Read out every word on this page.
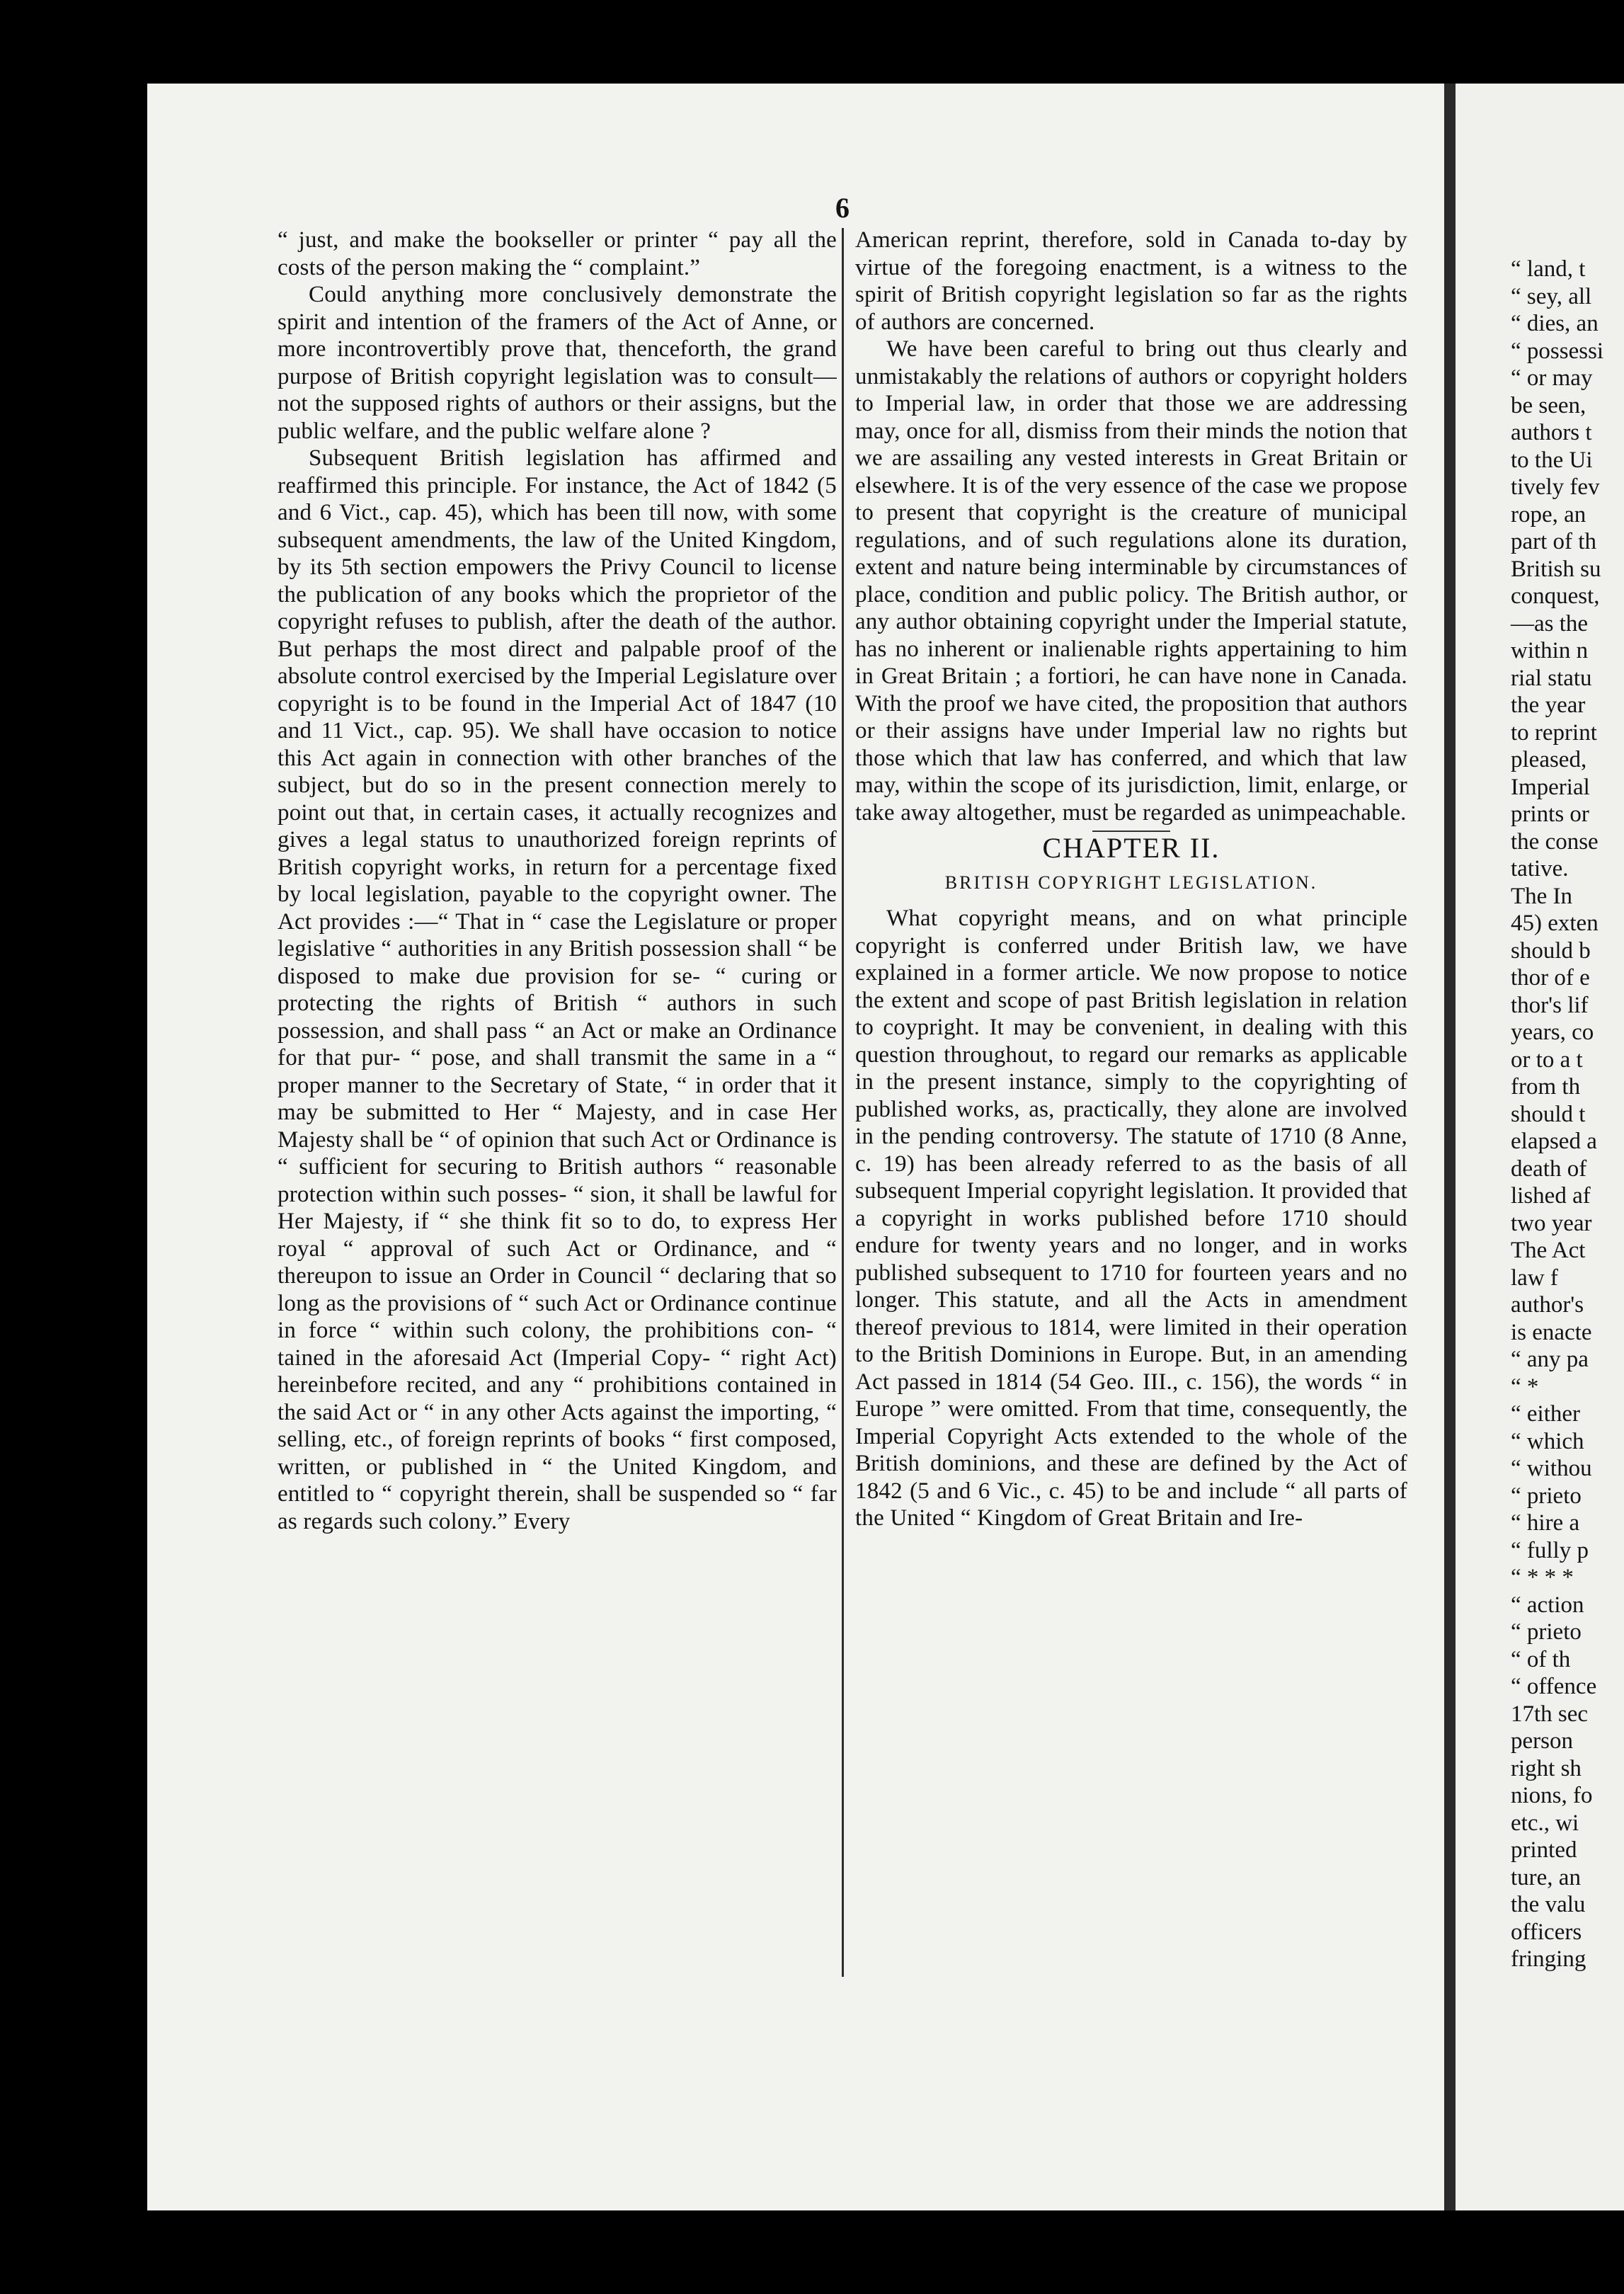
6

“ just, and make the bookseller or printer “ pay all the costs of the person making the “ complaint.”

Could anything more conclusively demonstrate the spirit and intention of the framers of the Act of Anne, or more incontrovertibly prove that, thenceforth, the grand purpose of British copyright legislation was to consult— not the supposed rights of authors or their assigns, but the public welfare, and the public welfare alone ?

Subsequent British legislation has affirmed and reaffirmed this principle. For instance, the Act of 1842 (5 and 6 Vict., cap. 45), which has been till now, with some subsequent amendments, the law of the United Kingdom, by its 5th section empowers the Privy Council to license the publication of any books which the proprietor of the copyright refuses to publish, after the death of the author. But perhaps the most direct and palpable proof of the absolute control exercised by the Imperial Legislature over copyright is to be found in the Imperial Act of 1847 (10 and 11 Vict., cap. 95). We shall have occasion to notice this Act again in connection with other branches of the subject, but do so in the present connection merely to point out that, in certain cases, it actually recognizes and gives a legal status to unauthorized foreign reprints of British copyright works, in return for a percentage fixed by local legislation, payable to the copyright owner. The Act provides :—“ That in “ case the Legislature or proper legislative “ authorities in any British possession shall “ be disposed to make due provision for se- “ curing or protecting the rights of British “ authors in such possession, and shall pass “ an Act or make an Ordinance for that pur- “ pose, and shall transmit the same in a “ proper manner to the Secretary of State, “ in order that it may be submitted to Her “ Majesty, and in case Her Majesty shall be “ of opinion that such Act or Ordinance is “ sufficient for securing to British authors “ reasonable protection within such posses- “ sion, it shall be lawful for Her Majesty, if “ she think fit so to do, to express Her royal “ approval of such Act or Ordinance, and “ thereupon to issue an Order in Council “ declaring that so long as the provisions of “ such Act or Ordinance continue in force “ within such colony, the prohibitions con- “ tained in the aforesaid Act (Imperial Copy- “ right Act) hereinbefore recited, and any “ prohibitions contained in the said Act or “ in any other Acts against the importing, “ selling, etc., of foreign reprints of books “ first composed, written, or published in “ the United Kingdom, and entitled to “ copyright therein, shall be suspended so “ far as regards such colony.” Every

American reprint, therefore, sold in Canada to-day by virtue of the foregoing enactment, is a witness to the spirit of British copyright legislation so far as the rights of authors are concerned.

We have been careful to bring out thus clearly and unmistakably the relations of authors or copyright holders to Imperial law, in order that those we are addressing may, once for all, dismiss from their minds the notion that we are assailing any vested interests in Great Britain or elsewhere. It is of the very essence of the case we propose to present that copyright is the creature of municipal regulations, and of such regulations alone its duration, extent and nature being interminable by circumstances of place, condition and public policy. The British author, or any author obtaining copyright under the Imperial statute, has no inherent or inalienable rights appertaining to him in Great Britain ; a fortiori, he can have none in Canada. With the proof we have cited, the proposition that authors or their assigns have under Imperial law no rights but those which that law has conferred, and which that law may, within the scope of its jurisdiction, limit, enlarge, or take away altogether, must be regarded as unimpeachable.

CHAPTER II.
BRITISH COPYRIGHT LEGISLATION.

What copyright means, and on what principle copyright is conferred under British law, we have explained in a former article. We now propose to notice the extent and scope of past British legislation in relation to coypright. It may be convenient, in dealing with this question throughout, to regard our remarks as applicable in the present instance, simply to the copyrighting of published works, as, practically, they alone are involved in the pending controversy. The statute of 1710 (8 Anne, c. 19) has been already referred to as the basis of all subsequent Imperial copyright legislation. It provided that a copyright in works published before 1710 should endure for twenty years and no longer, and in works published subsequent to 1710 for fourteen years and no longer. This statute, and all the Acts in amendment thereof previous to 1814, were limited in their operation to the British Dominions in Europe. But, in an amending Act passed in 1814 (54 Geo. III., c. 156), the words “ in Europe ” were omitted. From that time, consequently, the Imperial Copyright Acts extended to the whole of the British dominions, and these are defined by the Act of 1842 (5 and 6 Vic., c. 45) to be and include “ all parts of the United “ Kingdom of Great Britain and Ire-

“ land, t
“ sey, all
“ dies, an
“ possessi
“ or may
be seen,
authors t
to the Ui
tively fev
rope, an
part of th
British su
conquest,
—as the
within n
rial statu
the year
to reprint
pleased,
Imperial
prints or
the conse
tative.
The In
45) exten
should b
thor of e
thor's lif
years, co
or to a t
from th
should t
elapsed a
death of
lished af
two year
The Act
law f
author's
is enacte
“ any pa
“ *
“ either
“ which
“ withou
“ prieto
“ hire a
“ fully p
“ * * *
“ action
“ prieto
“ of th
“ offence
17th sec
person
right sh
nions, fo
etc., wi
printed
ture, an
the valu
officers
fringing
